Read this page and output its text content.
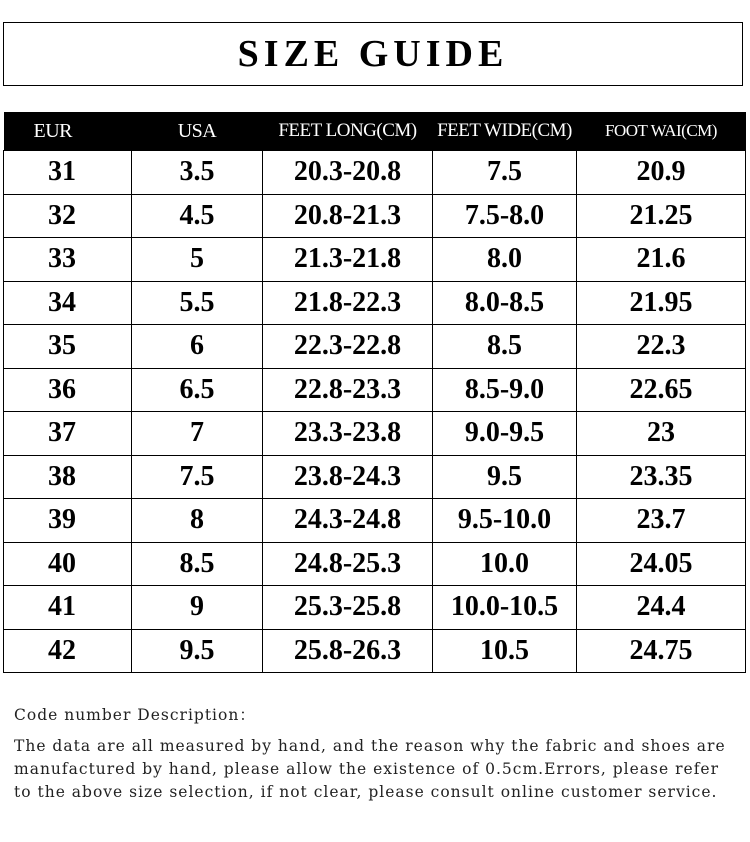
SIZE GUIDE
EUR	USA	FEET LONG(CM)	FEET WIDE(CM)	FOOT WAI(CM)
31	3.5	20.3-20.8	7.5	20.9
32	4.5	20.8-21.3	7.5-8.0	21.25
33	5	21.3-21.8	8.0	21.6
34	5.5	21.8-22.3	8.0-8.5	21.95
35	6	22.3-22.8	8.5	22.3
36	6.5	22.8-23.3	8.5-9.0	22.65
37	7	23.3-23.8	9.0-9.5	23
38	7.5	23.8-24.3	9.5	23.35
39	8	24.3-24.8	9.5-10.0	23.7
40	8.5	24.8-25.3	10.0	24.05
41	9	25.3-25.8	10.0-10.5	24.4
42	9.5	25.8-26.3	10.5	24.75

Code number Description：

The data are all measured by hand, and the reason why the fabric and shoes are manufactured by hand, please allow the existence of 0.5cm.Errors, please refer to the above size selection, if not clear, please consult online customer service.
